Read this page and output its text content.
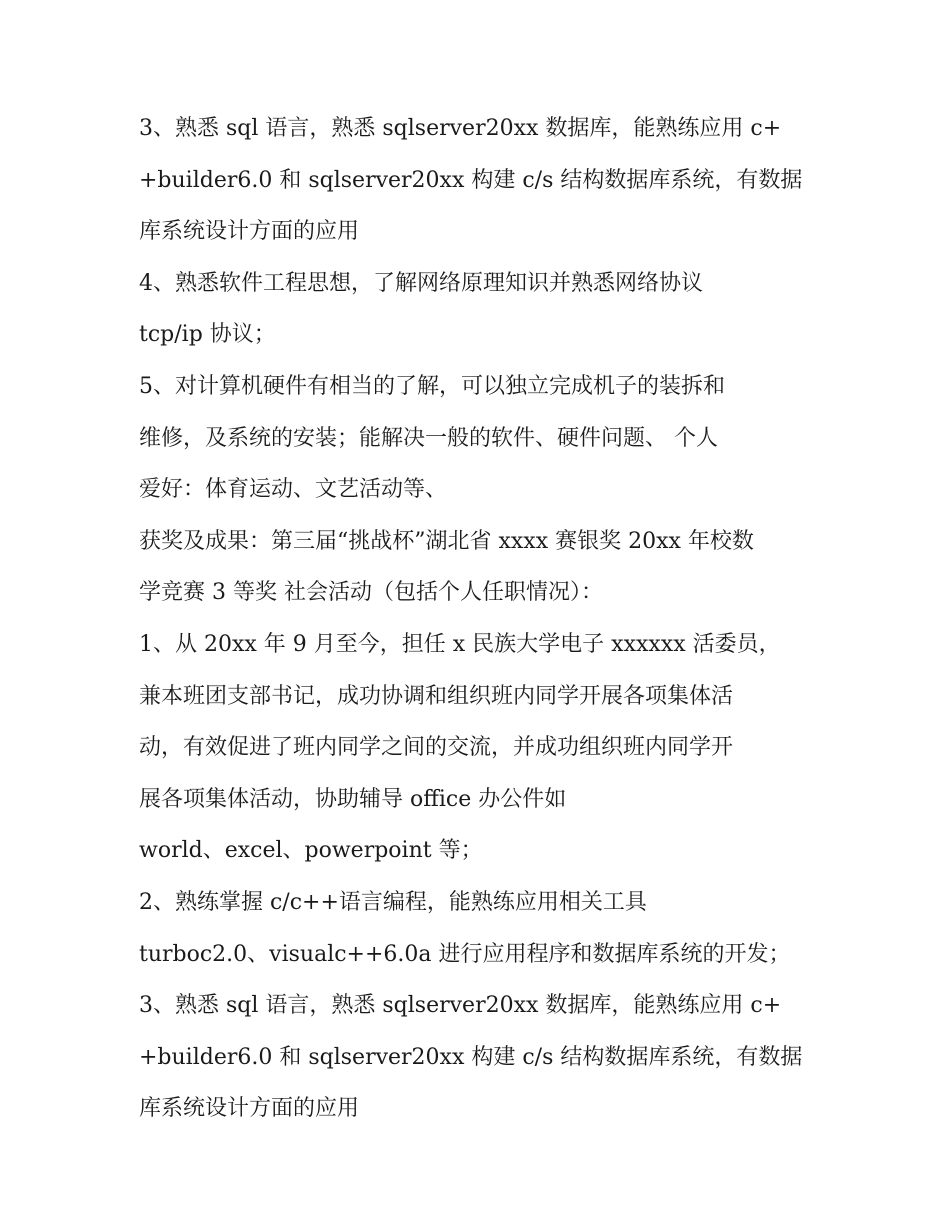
3、熟悉 sql 语言，熟悉 sqlserver20xx 数据库，能熟练应用 c+
+builder6.0 和 sqlserver20xx 构建 c/s 结构数据库系统，有数据
库系统设计方面的应用
4、熟悉软件工程思想，了解网络原理知识并熟悉网络协议
tcp/ip 协议；
5、对计算机硬件有相当的了解，可以独立完成机子的装拆和
维修，及系统的安装；能解决一般的软件、硬件问题、 个人
爱好：体育运动、文艺活动等、
获奖及成果：第三届“挑战杯”湖北省 xxxx 赛银奖 20xx 年校数
学竞赛 3 等奖 社会活动（包括个人任职情况）：
1、从 20xx 年 9 月至今，担任 x 民族大学电子 xxxxxx 活委员，
兼本班团支部书记，成功协调和组织班内同学开展各项集体活
动，有效促进了班内同学之间的交流，并成功组织班内同学开
展各项集体活动，协助辅导 office 办公件如
world、excel、powerpoint 等；
2、熟练掌握 c/c++语言编程，能熟练应用相关工具
turboc2.0、visualc++6.0a 进行应用程序和数据库系统的开发；
3、熟悉 sql 语言，熟悉 sqlserver20xx 数据库，能熟练应用 c+
+builder6.0 和 sqlserver20xx 构建 c/s 结构数据库系统，有数据
库系统设计方面的应用
